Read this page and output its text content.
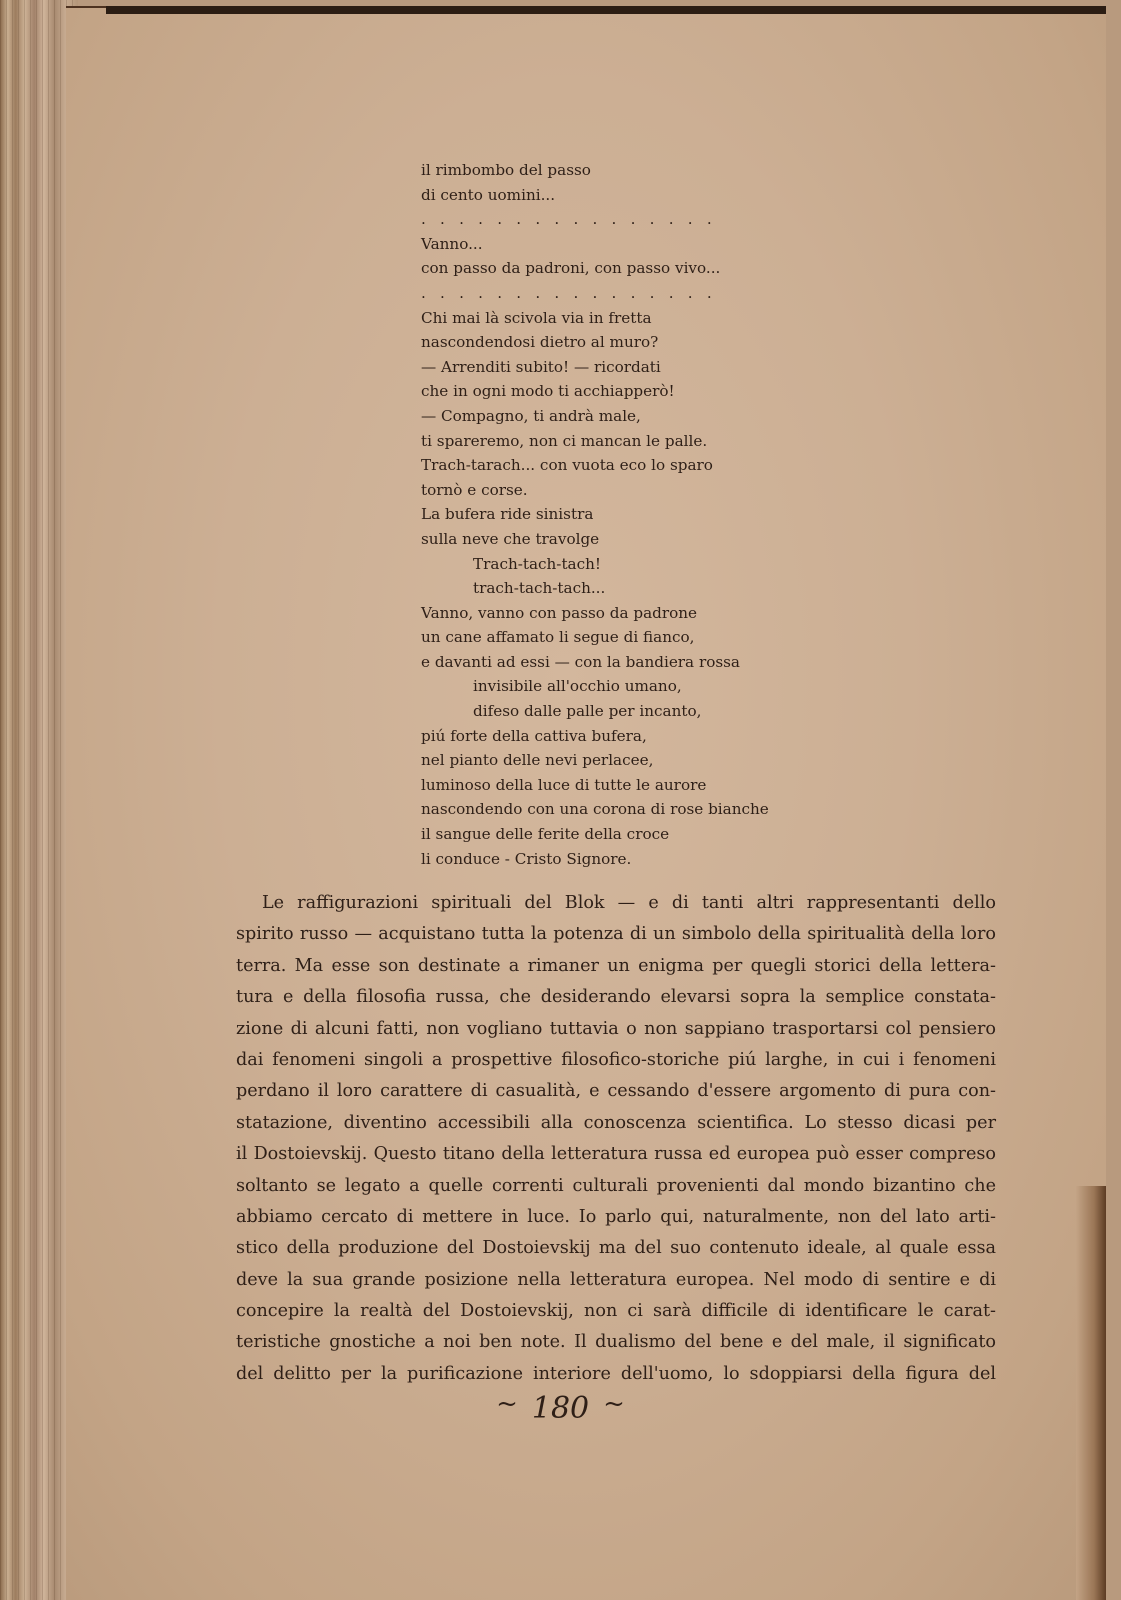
il rimbombo del passo
di cento uomini...
. . . . . . . . . . . . . . . .
Vanno...
con passo da padroni, con passo vivo...
. . . . . . . . . . . . . . . .
Chi mai là scivola via in fretta
nascondendosi dietro al muro?
— Arrenditi subito! — ricordati
che in ogni modo ti acchiapperò!
— Compagno, ti andrà male,
ti spareremo, non ci mancan le palle.
Trach-tarach... con vuota eco lo sparo
tornò e corse.
La bufera ride sinistra
sulla neve che travolge
Trach-tach-tach!
trach-tach-tach...
Vanno, vanno con passo da padrone
un cane affamato li segue di fianco,
e davanti ad essi — con la bandiera rossa
invisibile all'occhio umano,
difeso dalle palle per incanto,
piú forte della cattiva bufera,
nel pianto delle nevi perlacee,
luminoso della luce di tutte le aurore
nascondendo con una corona di rose bianche
il sangue delle ferite della croce
li conduce - Cristo Signore.
Le raffigurazioni spirituali del Blok — e di tanti altri rappresentanti dello
spirito russo — acquistano tutta la potenza di un simbolo della spiritualità della loro
terra. Ma esse son destinate a rimaner un enigma per quegli storici della lettera-
tura e della filosofia russa, che desiderando elevarsi sopra la semplice constata-
zione di alcuni fatti, non vogliano tuttavia o non sappiano trasportarsi col pensiero
dai fenomeni singoli a prospettive filosofico-storiche piú larghe, in cui i fenomeni
perdano il loro carattere di casualità, e cessando d'essere argomento di pura con-
statazione, diventino accessibili alla conoscenza scientifica. Lo stesso dicasi per
il Dostoievskij. Questo titano della letteratura russa ed europea può esser compreso
soltanto se legato a quelle correnti culturali provenienti dal mondo bizantino che
abbiamo cercato di mettere in luce. Io parlo qui, naturalmente, non del lato arti-
stico della produzione del Dostoievskij ma del suo contenuto ideale, al quale essa
deve la sua grande posizione nella letteratura europea. Nel modo di sentire e di
concepire la realtà del Dostoievskij, non ci sarà difficile di identificare le carat-
teristiche gnostiche a noi ben note. Il dualismo del bene e del male, il significato
del delitto per la purificazione interiore dell'uomo, lo sdoppiarsi della figura del
~ 180 ~
